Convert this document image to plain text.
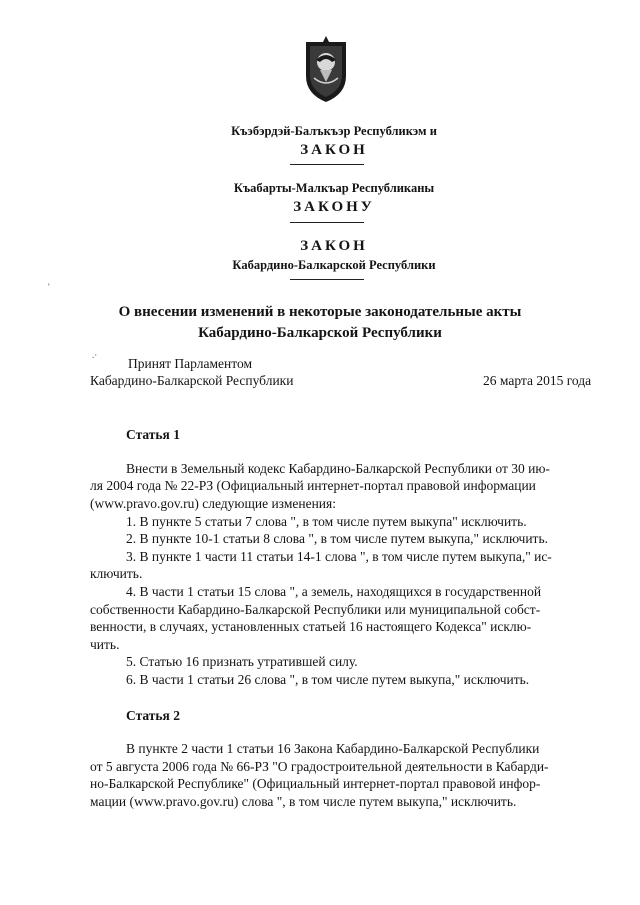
Къэбэрдэй-Балъкъэр Республикэм и
ЗАКОН
Къабарты-Малкъар Республиканы
ЗАКОНУ
ЗАКОН
Кабардино-Балкарской Республики
'
.·
О внесении изменений в некоторые законодательные акты
Кабардино-Балкарской Республики
Принят Парламентом
Кабардино-Балкарской Республики	26 марта 2015 года
Статья 1
Внести в Земельный кодекс Кабардино-Балкарской Республики от 30 ию-
ля 2004 года № 22-РЗ (Официальный интернет-портал правовой информации
(www.pravo.gov.ru) следующие изменения:
1. В пункте 5 статьи 7 слова ", в том числе путем выкупа" исключить.
2. В пункте 10-1 статьи 8 слова ", в том числе путем выкупа," исключить.
3. В пункте 1 части 11 статьи 14-1 слова ", в том числе путем выкупа," ис-
ключить.
4. В части 1 статьи 15 слова ", а земель, находящихся в государственной
собственности Кабардино-Балкарской Республики или муниципальной собст-
венности, в случаях, установленных статьей 16 настоящего Кодекса" исклю-
чить.
5. Статью 16 признать утратившей силу.
6. В части 1 статьи 26 слова ", в том числе путем выкупа," исключить.
Статья 2
В пункте 2 части 1 статьи 16 Закона Кабардино-Балкарской Республики
от 5 августа 2006 года № 66-РЗ "О градостроительной деятельности в Кабарди-
но-Балкарской Республике" (Официальный интернет-портал правовой инфор-
мации (www.pravo.gov.ru) слова ", в том числе путем выкупа," исключить.
